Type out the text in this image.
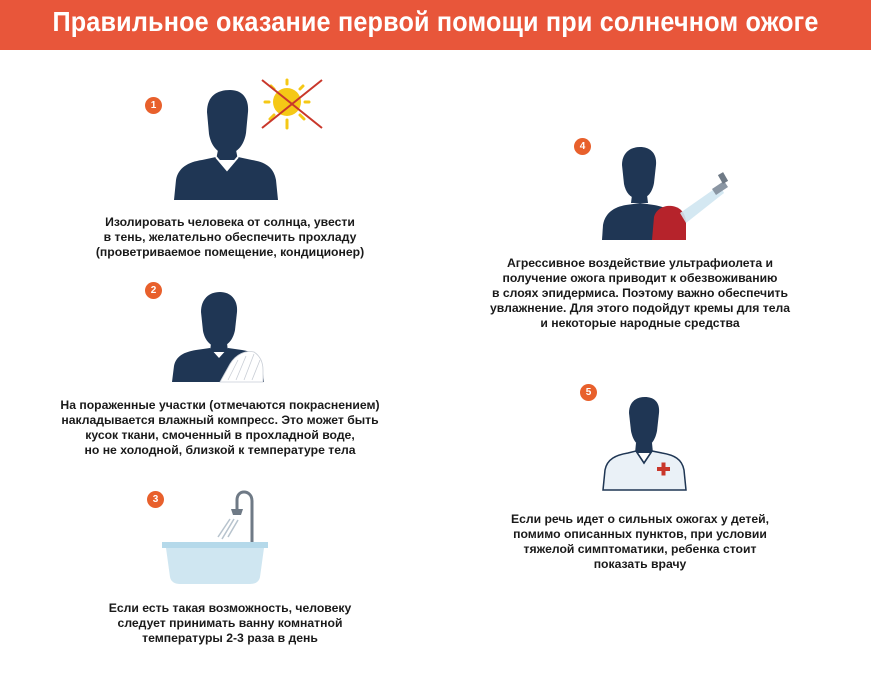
Правильное оказание первой помощи при солнечном ожоге
1
Изолировать человека от солнца, увести
в тень, желательно обеспечить прохладу
(проветриваемое помещение, кондиционер)
2
На пораженные участки (отмечаются покраснением)
накладывается влажный компресс. Это может быть
кусок ткани, смоченный в прохладной воде,
но не холодной, близкой к температуре тела
3
Если есть такая возможность, человеку
следует принимать ванну комнатной
температуры 2-3 раза в день
4
Агрессивное воздействие ультрафиолета и
получение ожога приводит к обезвоживанию
в слоях эпидермиса. Поэтому важно обеспечить
увлажнение. Для этого подойдут кремы для тела
и некоторые народные средства
5
Если речь идет о сильных ожогах у детей,
помимо описанных пунктов, при условии
тяжелой симптоматики, ребенка стоит
показать врачу
